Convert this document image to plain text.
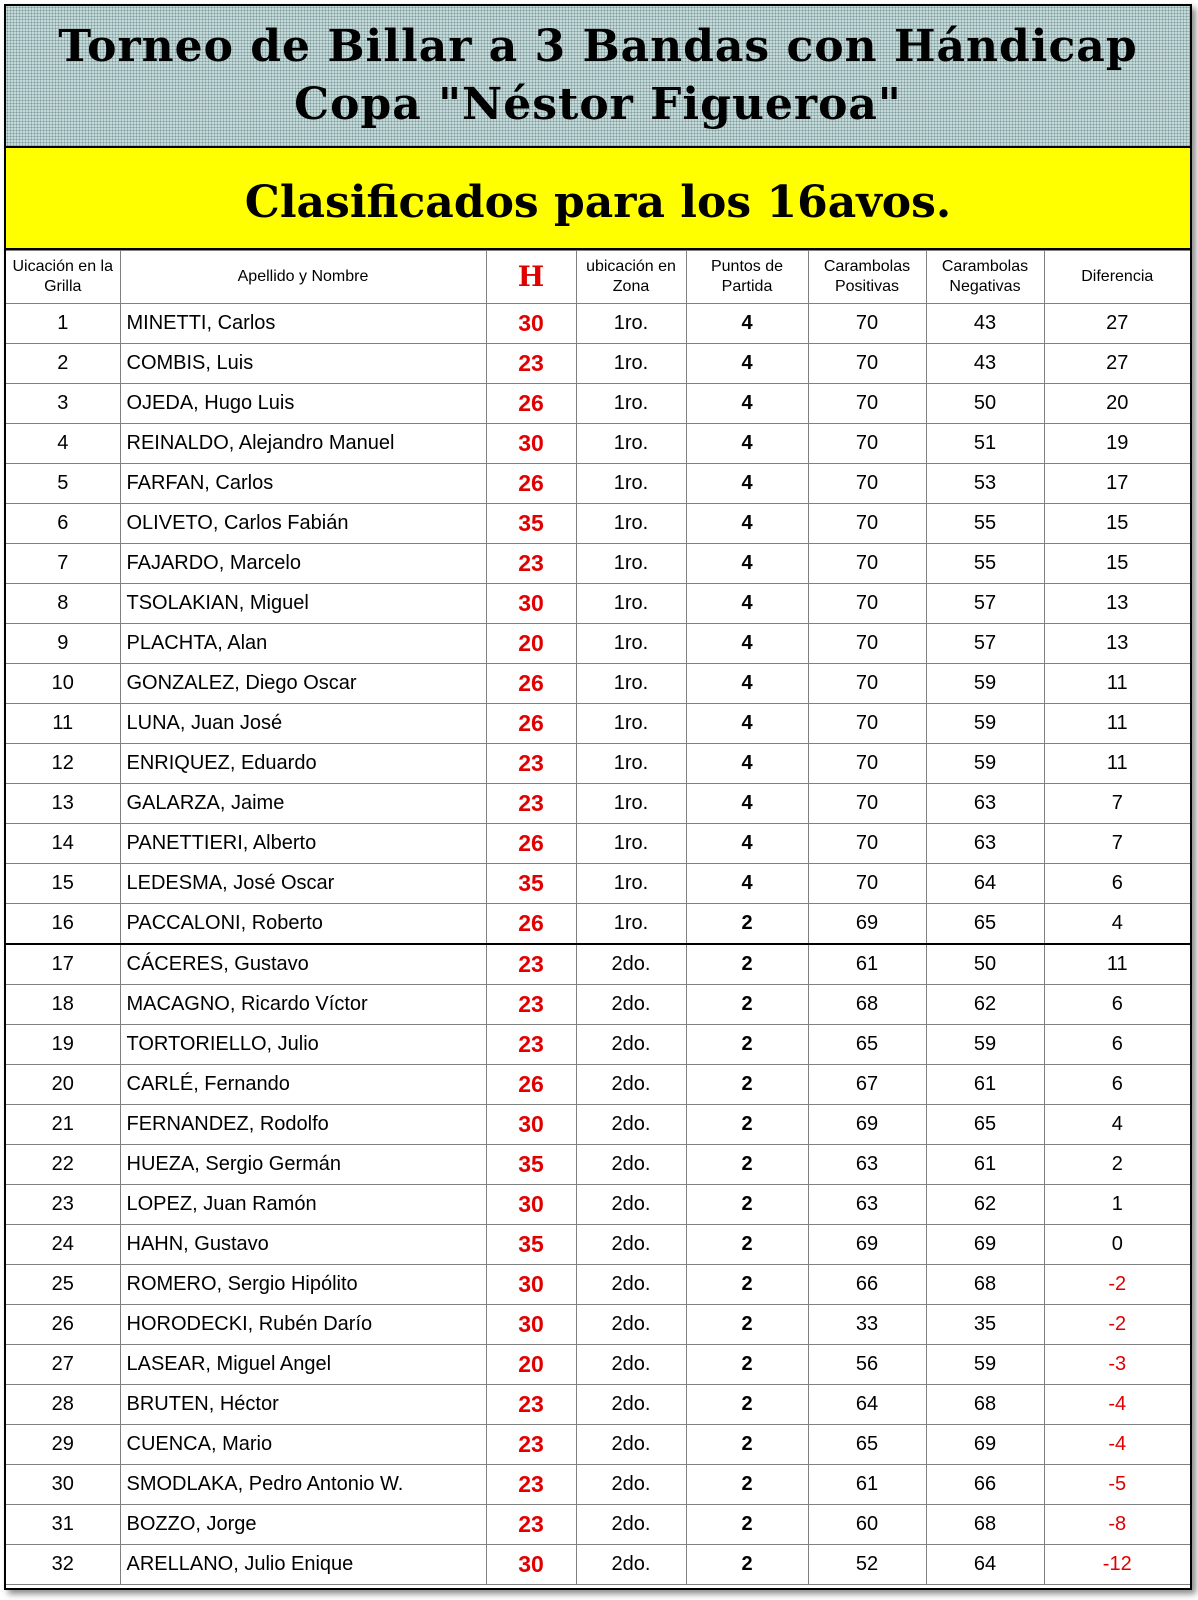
Torneo de Billar a 3 Bandas con Hándicap
Copa "Néstor Figueroa"
Clasificados para los 16avos.
Uicación en la Grilla	Apellido y Nombre	H	ubicación en Zona	Puntos de Partida	Carambolas Positivas	Carambolas Negativas	Diferencia
1	MINETTI, Carlos	30	1ro.	4	70	43	27
2	COMBIS, Luis	23	1ro.	4	70	43	27
3	OJEDA, Hugo Luis	26	1ro.	4	70	50	20
4	REINALDO, Alejandro Manuel	30	1ro.	4	70	51	19
5	FARFAN, Carlos	26	1ro.	4	70	53	17
6	OLIVETO, Carlos Fabián	35	1ro.	4	70	55	15
7	FAJARDO, Marcelo	23	1ro.	4	70	55	15
8	TSOLAKIAN, Miguel	30	1ro.	4	70	57	13
9	PLACHTA, Alan	20	1ro.	4	70	57	13
10	GONZALEZ, Diego Oscar	26	1ro.	4	70	59	11
11	LUNA, Juan José	26	1ro.	4	70	59	11
12	ENRIQUEZ, Eduardo	23	1ro.	4	70	59	11
13	GALARZA, Jaime	23	1ro.	4	70	63	7
14	PANETTIERI, Alberto	26	1ro.	4	70	63	7
15	LEDESMA, José Oscar	35	1ro.	4	70	64	6
16	PACCALONI, Roberto	26	1ro.	2	69	65	4
17	CÁCERES, Gustavo	23	2do.	2	61	50	11
18	MACAGNO, Ricardo Víctor	23	2do.	2	68	62	6
19	TORTORIELLO, Julio	23	2do.	2	65	59	6
20	CARLÉ, Fernando	26	2do.	2	67	61	6
21	FERNANDEZ, Rodolfo	30	2do.	2	69	65	4
22	HUEZA, Sergio Germán	35	2do.	2	63	61	2
23	LOPEZ, Juan Ramón	30	2do.	2	63	62	1
24	HAHN, Gustavo	35	2do.	2	69	69	0
25	ROMERO, Sergio Hipólito	30	2do.	2	66	68	-2
26	HORODECKI, Rubén Darío	30	2do.	2	33	35	-2
27	LASEAR, Miguel Angel	20	2do.	2	56	59	-3
28	BRUTEN, Héctor	23	2do.	2	64	68	-4
29	CUENCA, Mario	23	2do.	2	65	69	-4
30	SMODLAKA, Pedro Antonio W.	23	2do.	2	61	66	-5
31	BOZZO, Jorge	23	2do.	2	60	68	-8
32	ARELLANO, Julio Enique	30	2do.	2	52	64	-12
